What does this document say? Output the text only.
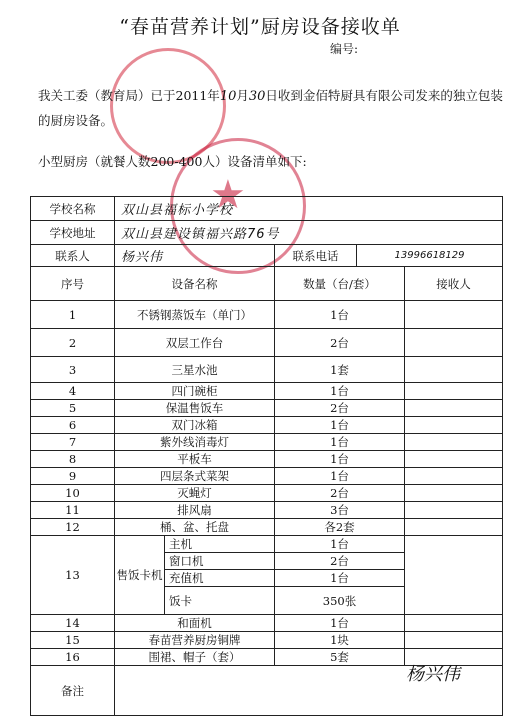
“春苗营养计划”厨房设备接收单
编号:
★
我关工委（教育局）已于2011年10月30日收到金佰特厨具有限公司发来的独立包装的厨房设备。
小型厨房（就餐人数200-400人）设备清单如下:
学校名称	双山县福标小学校				
学校地址	双山县建设镇福兴路76号				
联系人	杨兴伟		联系电话	13996618129	
序号	设备名称		数量（台/套）		接收人
1	不锈钢蒸饭车（单门）		1台		
2	双层工作台		2台		
3	三星水池		1套		
4	四门碗柜		1台		
5	保温售饭车		2台		
6	双门冰箱		1台		
7	紫外线消毒灯		1台		
8	平板车		1台		
9	四层条式菜架		1台		
10	灭蝇灯		2台		
11	排风扇		3台		
12	桶、盆、托盘		各2套		
13	售饭卡机	主机	1台		
		窗口机	2台		
		充值机	1台		
		饭卡	350张		
14	和面机		1台		
15	春苗营养厨房铜牌		1块		
16	围裙、帽子（套）		5套		
备注					
杨兴伟
